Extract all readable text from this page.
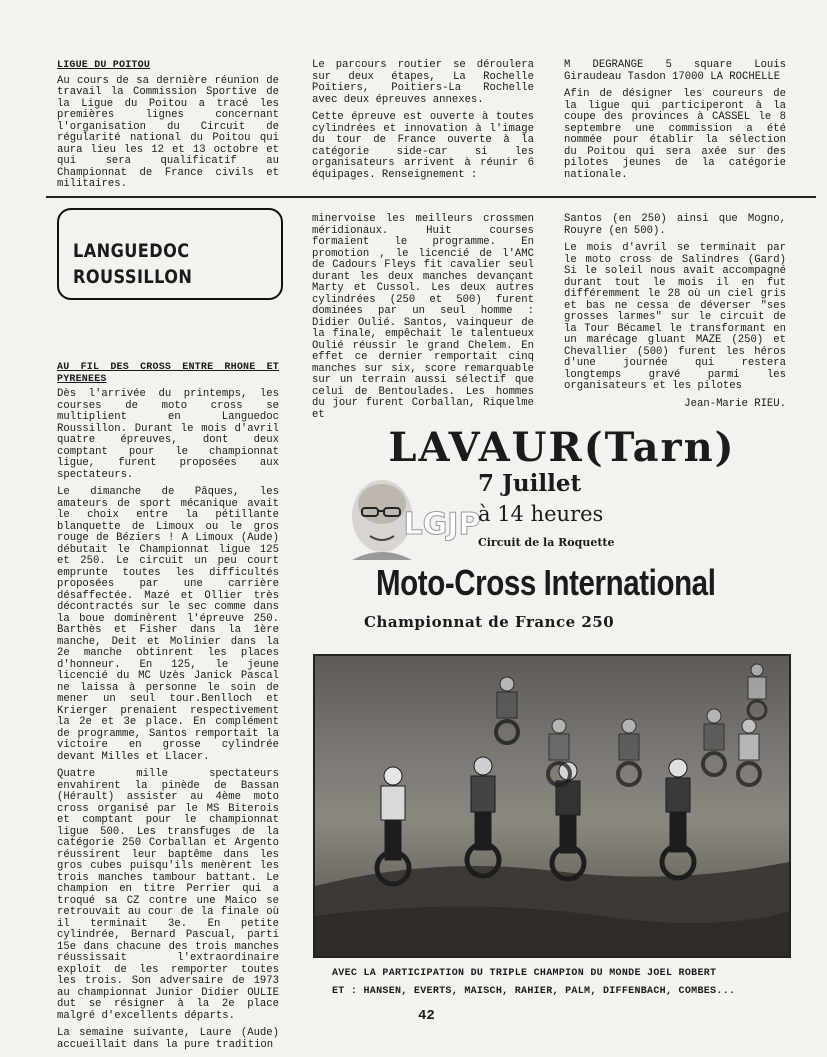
LIGUE DU POITOU

Au cours de sa dernière réunion de travail la Commission Sportive de la Ligue du Poitou a tracé les premières lignes concernant l'organisation du Circuit de régularité national du Poitou qui aura lieu les 12 et 13 octobre et qui sera qualificatif au Championnat de France civils et militaires.

Le parcours routier se déroulera sur deux étapes, La Rochelle Poitiers, Poitiers-La Rochelle avec deux épreuves annexes.

Cette épreuve est ouverte à toutes cylindrées et innovation à l'image du tour de France ouverte à la catégorie side-car si les organisateurs arrivent à réunir 6 équipages. Renseignement :

M DEGRANGE 5 square Louis Giraudeau Tasdon 17000 LA ROCHELLE

Afin de désigner les coureurs de la ligue qui participeront à la coupe des provinces à CASSEL le 8 septembre une commission a été nommée pour établir la sélection du Poitou qui sera axée sur des pilotes jeunes de la catégorie nationale.

LANGUEDOC
ROUSSILLON
AU FIL DES CROSS ENTRE RHONE ET PYRENEES

Dès l'arrivée du printemps, les courses de moto cross se multiplient en Languedoc Roussillon. Durant le mois d'avril quatre épreuves, dont deux comptant pour le championnat ligue, furent proposées aux spectateurs.

Le dimanche de Pâques, les amateurs de sport mécanique avait le choix entre la pétillante blanquette de Limoux ou le gros rouge de Béziers ! A Limoux (Aude) débutait le Championnat ligue 125 et 250. Le circuit un peu court emprunte toutes les difficultés proposées par une carrière désaffectée. Mazé et Ollier très décontractés sur le sec comme dans la boue dominèrent l'épreuve 250. Barthès et Fisher dans la 1ère manche, Deit et Molinier dans la 2e manche obtinrent les places d'honneur. En 125, le jeune licencié du MC Uzès Janick Pascal ne laissa à personne le soin de mener un seul tour.Benlloch et Krierger prenaient respectivement la 2e et 3e place. En complément de programme, Santos remportait la victoire en grosse cylindrée devant Milles et Llacer.

Quatre mille spectateurs envahirent la pinède de Bassan (Hérault) assister au 4ème moto cross organisé par le MS Biterois et comptant pour le championnat ligue 500. Les transfuges de la catégorie 250 Corballan et Argento réussirent leur baptême dans les gros cubes puisqu'ils menèrent les trois manches tambour battant. Le champion en titre Perrier qui a troqué sa CZ contre une Maico se retrouvait au cour de la finale où il terminait 3e. En petite cylindrée, Bernard Pascual, parti 15e dans chacune des trois manches réussissait l'extraordinaire exploit de les remporter toutes les trois. Son adversaire de 1973 au championnat Junior Didier OULIE dut se résigner à la 2e place malgré d'excellents départs.

La semaine suivante, Laure (Aude) accueillait dans la pure tradition

minervoise les meilleurs crossmen méridionaux. Huit courses formaient le programme. En promotion , le licencié de l'AMC de Cadours Fleys fit cavalier seul durant les deux manches devançant Marty et Cussol. Les deux autres cylindrées (250 et 500) furent dominées par un seul homme : Didier Oulié. Santos, vainqueur de la finale, empêchait le talentueux Oulié réussir le grand Chelem. En effet ce dernier remportait cinq manches sur six, score remarquable sur un terrain aussi sélectif que celui de Bentoulades. Les hommes du jour furent Corballan, Riquelme et

Santos (en 250) ainsi que Mogno, Rouyre (en 500).

Le mois d'avril se terminait par le moto cross de Salindres (Gard) Si le soleil nous avait accompagné durant tout le mois il en fut différemment le 28 où un ciel gris et bas ne cessa de déverser "ses grosses larmes" sur le circuit de la Tour Bécamel le transformant en un marécage gluant MAZE (250) et Chevallier (500) furent les héros d'une journée qui restera longtemps gravé parmi les organisateurs et les pilotes

Jean-Marie RIEU.
LAVAUR(Tarn)
LGJP
7 Juillet
à 14 heures
Circuit de la Roquette
Moto-Cross International
Championnat de France 250
AVEC LA PARTICIPATION DU TRIPLE CHAMPION DU MONDE JOEL ROBERT
ET : HANSEN, EVERTS, MAISCH, RAHIER, PALM, DIFFENBACH, COMBES...
42
